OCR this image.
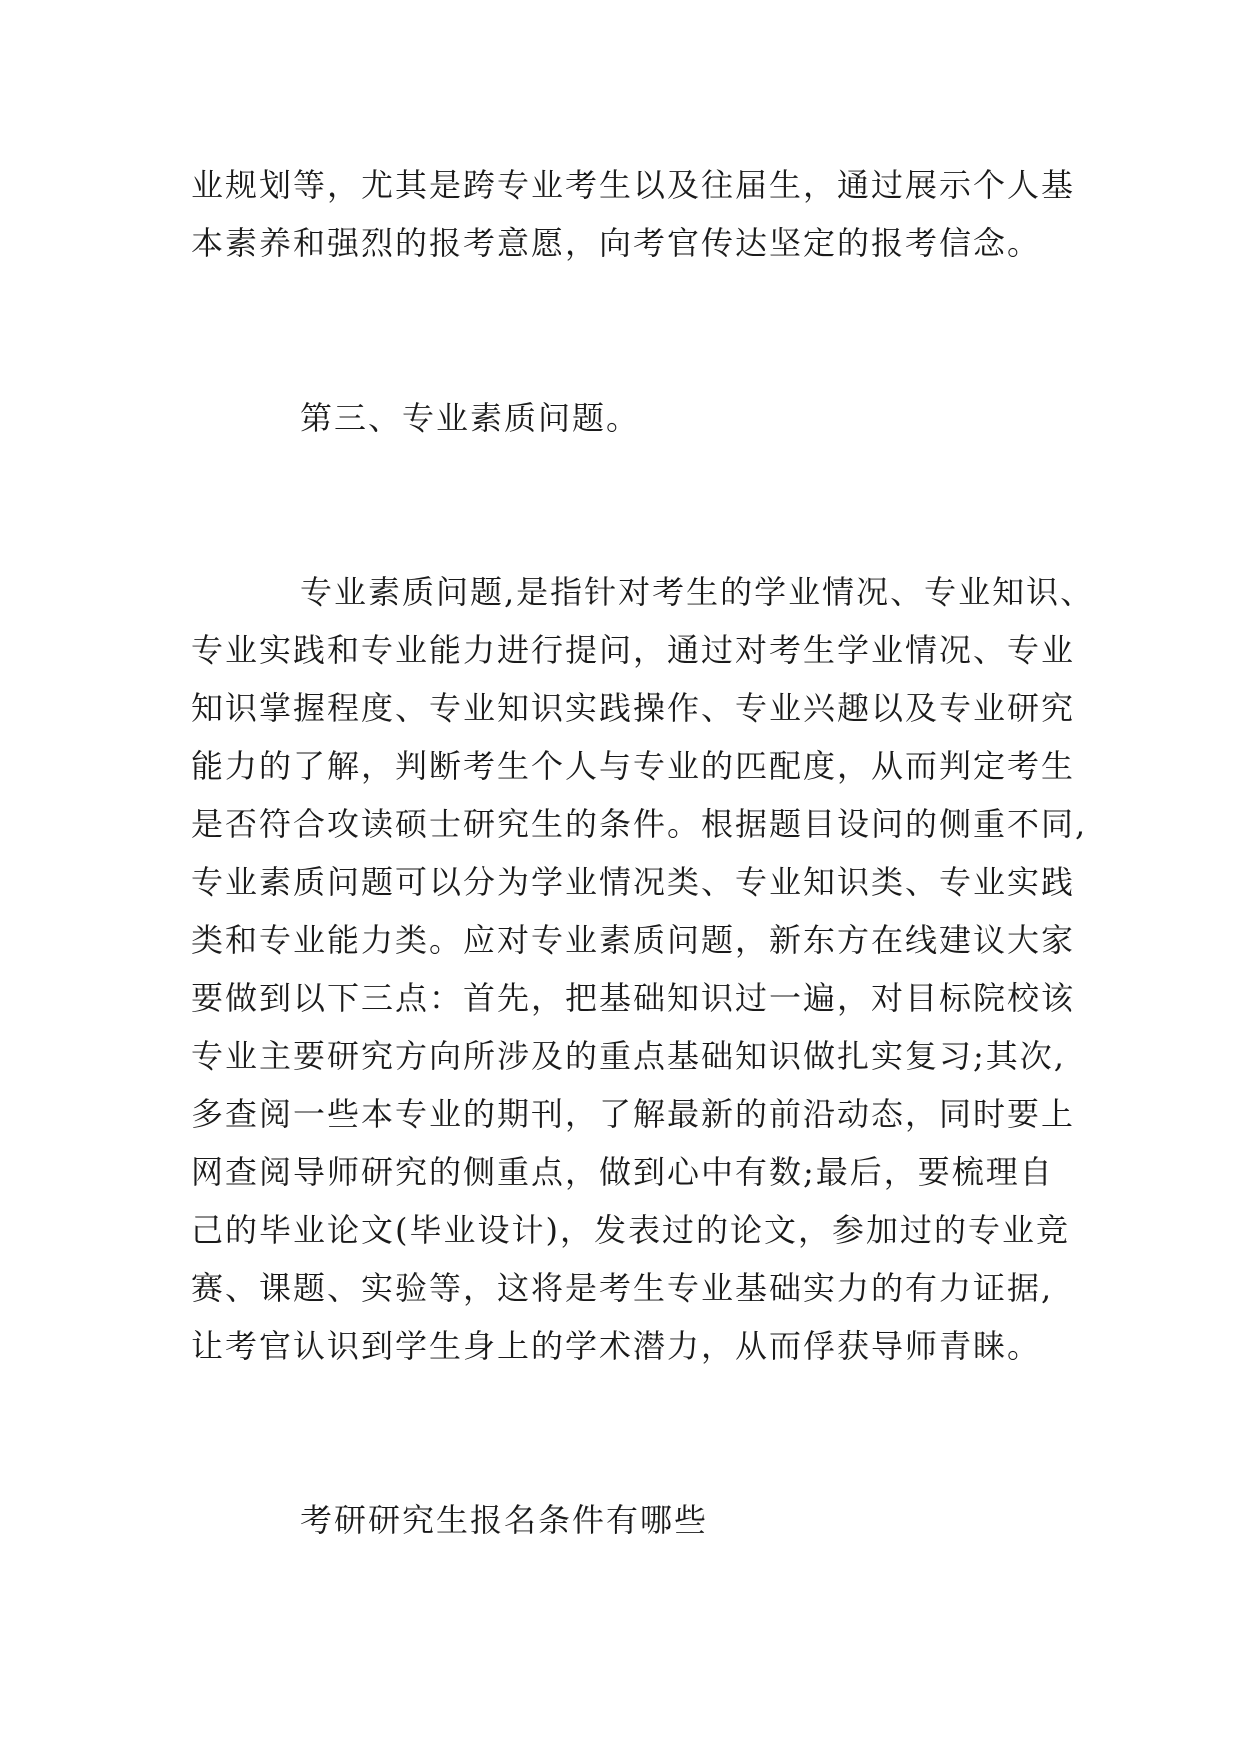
业规划等，尤其是跨专业考生以及往届生，通过展示个人基
本素养和强烈的报考意愿，向考官传达坚定的报考信念。
第三、专业素质问题。
专业素质问题,是指针对考生的学业情况、专业知识、
专业实践和专业能力进行提问，通过对考生学业情况、专业
知识掌握程度、专业知识实践操作、专业兴趣以及专业研究
能力的了解，判断考生个人与专业的匹配度，从而判定考生
是否符合攻读硕士研究生的条件。根据题目设问的侧重不同,
专业素质问题可以分为学业情况类、专业知识类、专业实践
类和专业能力类。应对专业素质问题，新东方在线建议大家
要做到以下三点：首先，把基础知识过一遍，对目标院校该
专业主要研究方向所涉及的重点基础知识做扎实复习;其次,
多查阅一些本专业的期刊，了解最新的前沿动态，同时要上
网查阅导师研究的侧重点，做到心中有数;最后，要梳理自
己的毕业论文(毕业设计)，发表过的论文，参加过的专业竞
赛、课题、实验等，这将是考生专业基础实力的有力证据,
让考官认识到学生身上的学术潜力，从而俘获导师青睐。
考研研究生报名条件有哪些
